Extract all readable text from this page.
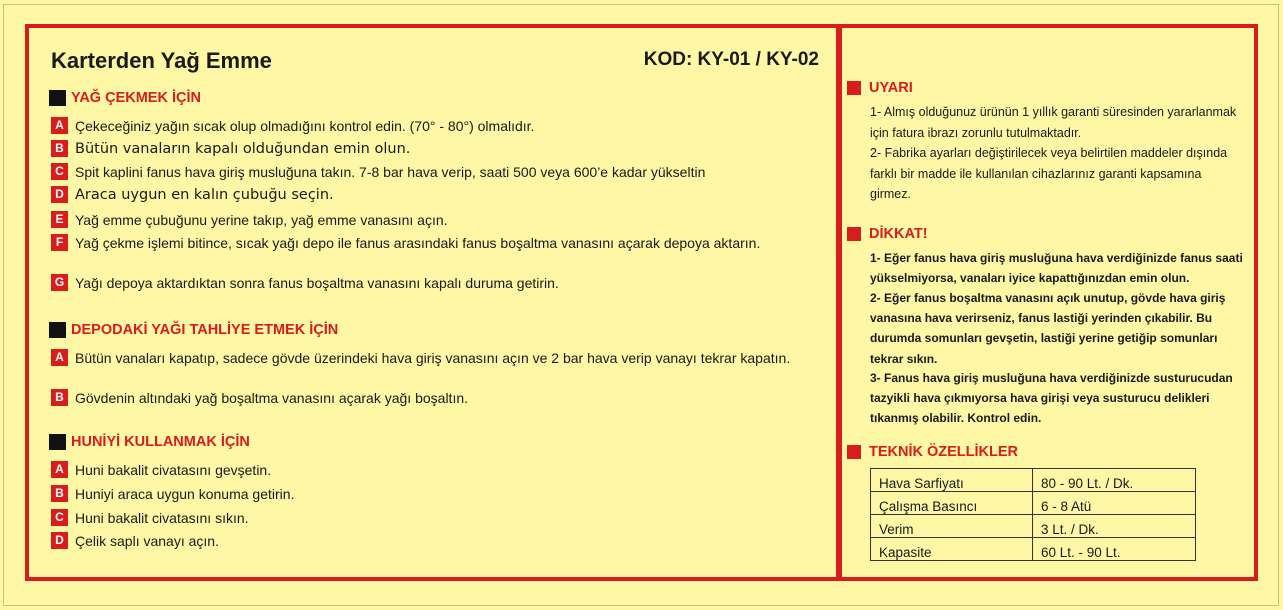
Karterden Yağ Emme	KOD: KY-01 / KY-02
YAĞ ÇEKMEK İÇİN
A Çekeceğiniz yağın sıcak olup olmadığını kontrol edin. (70° - 80°) olmalıdır.
B Bütün vanaların kapalı olduğundan emin olun.
C Spit kaplini fanus hava giriş musluğuna takın. 7-8 bar hava verip, saati 500 veya 600’e kadar yükseltin
D Araca uygun en kalın çubuğu seçin.
E Yağ emme çubuğunu yerine takıp, yağ emme vanasını açın.
F Yağ çekme işlemi bitince, sıcak yağı depo ile fanus arasındaki fanus boşaltma vanasını açarak depoya aktarın.
G Yağı depoya aktardıktan sonra fanus boşaltma vanasını kapalı duruma getirin.
DEPODAKİ YAĞI TAHLİYE ETMEK İÇİN
A Bütün vanaları kapatıp, sadece gövde üzerindeki hava giriş vanasını açın ve 2 bar hava verip vanayı tekrar kapatın.
B Gövdenin altındaki yağ boşaltma vanasını açarak yağı boşaltın.
HUNİYİ KULLANMAK İÇİN
A Huni bakalit civatasını gevşetin.
B Huniyi araca uygun konuma getirin.
C Huni bakalit civatasını sıkın.
D Çelik saplı vanayı açın.
UYARI
1- Almış olduğunuz ürünün 1 yıllık garanti süresinden yararlanmak için fatura ibrazı zorunlu tutulmaktadır.
2- Fabrika ayarları değiştirilecek veya belirtilen maddeler dışında farklı bir madde ile kullanılan cihazlarınız garanti kapsamına girmez.
DİKKAT!
1- Eğer fanus hava giriş musluğuna hava verdiğinizde fanus saati yükselmiyorsa, vanaları iyice kapattığınızdan emin olun.
2- Eğer fanus boşaltma vanasını açık unutup, gövde hava giriş vanasına hava verirseniz, fanus lastiği yerinden çıkabilir. Bu durumda somunları gevşetin, lastiği yerine getiğip somunları tekrar sıkın.
3- Fanus hava giriş musluğuna hava verdiğinizde susturucudan tazyikli hava çıkmıyorsa hava girişi veya susturucu delikleri tıkanmış olabilir. Kontrol edin.
TEKNİK ÖZELLİKLER
Hava Sarfiyatı	80 - 90 Lt. / Dk.
Çalışma Basıncı	6 - 8 Atü
Verim	3 Lt. / Dk.
Kapasite	60 Lt. - 90 Lt.
